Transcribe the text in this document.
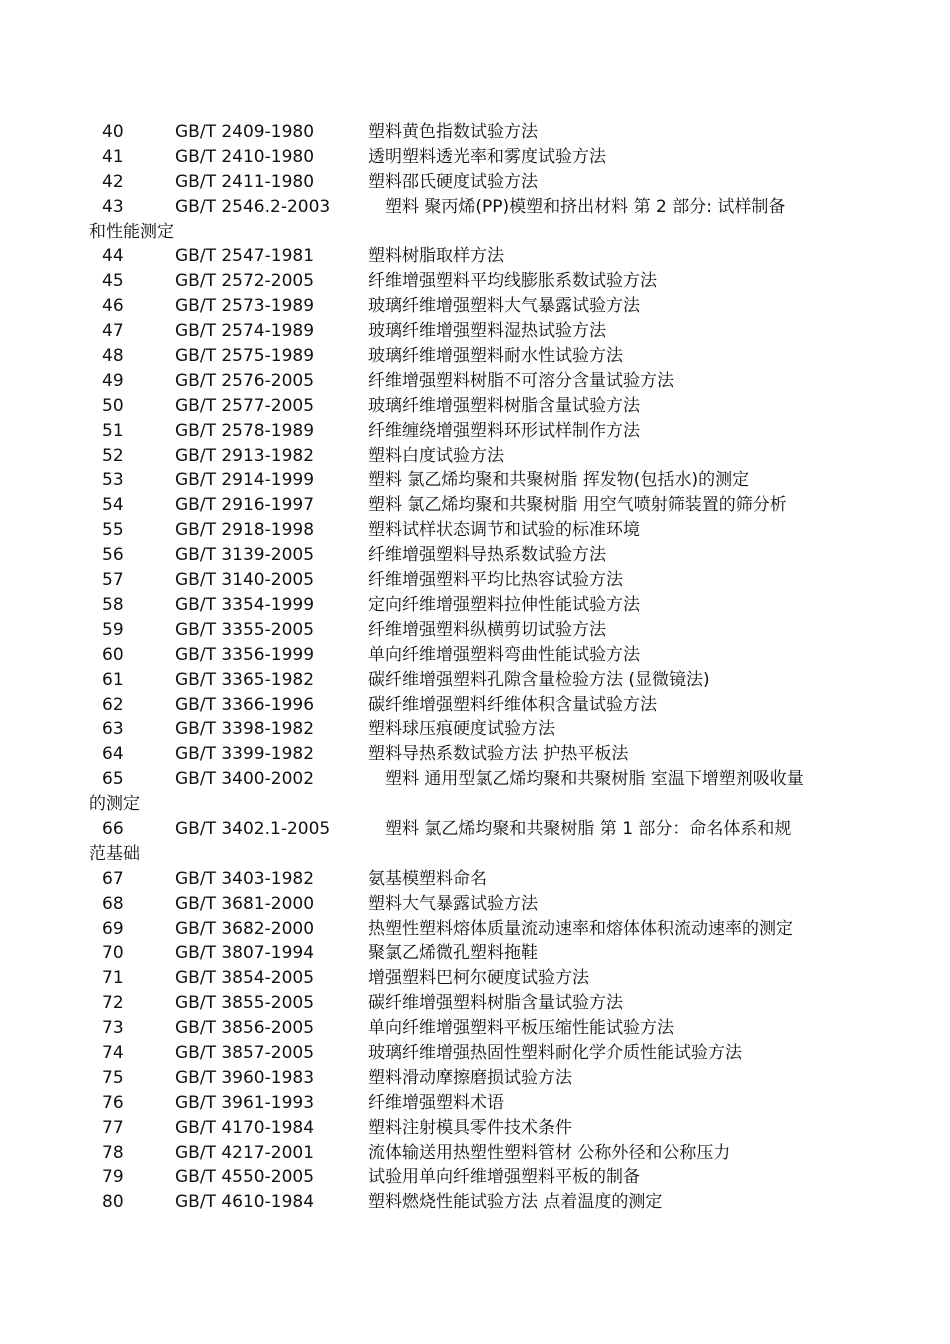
40	GB/T 2409-1980	塑料黄色指数试验方法
41	GB/T 2410-1980	透明塑料透光率和雾度试验方法
42	GB/T 2411-1980	塑料邵氏硬度试验方法
43	GB/T 2546.2-2003	塑料 聚丙烯(PP)模塑和挤出材料 第 2 部分: 试样制备
和性能测定
44	GB/T 2547-1981	塑料树脂取样方法
45	GB/T 2572-2005	纤维增强塑料平均线膨胀系数试验方法
46	GB/T 2573-1989	玻璃纤维增强塑料大气暴露试验方法
47	GB/T 2574-1989	玻璃纤维增强塑料湿热试验方法
48	GB/T 2575-1989	玻璃纤维增强塑料耐水性试验方法
49	GB/T 2576-2005	纤维增强塑料树脂不可溶分含量试验方法
50	GB/T 2577-2005	玻璃纤维增强塑料树脂含量试验方法
51	GB/T 2578-1989	纤维缠绕增强塑料环形试样制作方法
52	GB/T 2913-1982	塑料白度试验方法
53	GB/T 2914-1999	塑料 氯乙烯均聚和共聚树脂 挥发物(包括水)的测定
54	GB/T 2916-1997	塑料 氯乙烯均聚和共聚树脂 用空气喷射筛装置的筛分析
55	GB/T 2918-1998	塑料试样状态调节和试验的标准环境
56	GB/T 3139-2005	纤维增强塑料导热系数试验方法
57	GB/T 3140-2005	纤维增强塑料平均比热容试验方法
58	GB/T 3354-1999	定向纤维增强塑料拉伸性能试验方法
59	GB/T 3355-2005	纤维增强塑料纵横剪切试验方法
60	GB/T 3356-1999	单向纤维增强塑料弯曲性能试验方法
61	GB/T 3365-1982	碳纤维增强塑料孔隙含量检验方法 (显微镜法)
62	GB/T 3366-1996	碳纤维增强塑料纤维体积含量试验方法
63	GB/T 3398-1982	塑料球压痕硬度试验方法
64	GB/T 3399-1982	塑料导热系数试验方法 护热平板法
65	GB/T 3400-2002	塑料 通用型氯乙烯均聚和共聚树脂 室温下增塑剂吸收量
的测定
66	GB/T 3402.1-2005	塑料 氯乙烯均聚和共聚树脂 第 1 部分：命名体系和规
范基础
67	GB/T 3403-1982	氨基模塑料命名
68	GB/T 3681-2000	塑料大气暴露试验方法
69	GB/T 3682-2000	热塑性塑料熔体质量流动速率和熔体体积流动速率的测定
70	GB/T 3807-1994	聚氯乙烯微孔塑料拖鞋
71	GB/T 3854-2005	增强塑料巴柯尔硬度试验方法
72	GB/T 3855-2005	碳纤维增强塑料树脂含量试验方法
73	GB/T 3856-2005	单向纤维增强塑料平板压缩性能试验方法
74	GB/T 3857-2005	玻璃纤维增强热固性塑料耐化学介质性能试验方法
75	GB/T 3960-1983	塑料滑动摩擦磨损试验方法
76	GB/T 3961-1993	纤维增强塑料术语
77	GB/T 4170-1984	塑料注射模具零件技术条件
78	GB/T 4217-2001	流体输送用热塑性塑料管材 公称外径和公称压力
79	GB/T 4550-2005	试验用单向纤维增强塑料平板的制备
80	GB/T 4610-1984	塑料燃烧性能试验方法 点着温度的测定
